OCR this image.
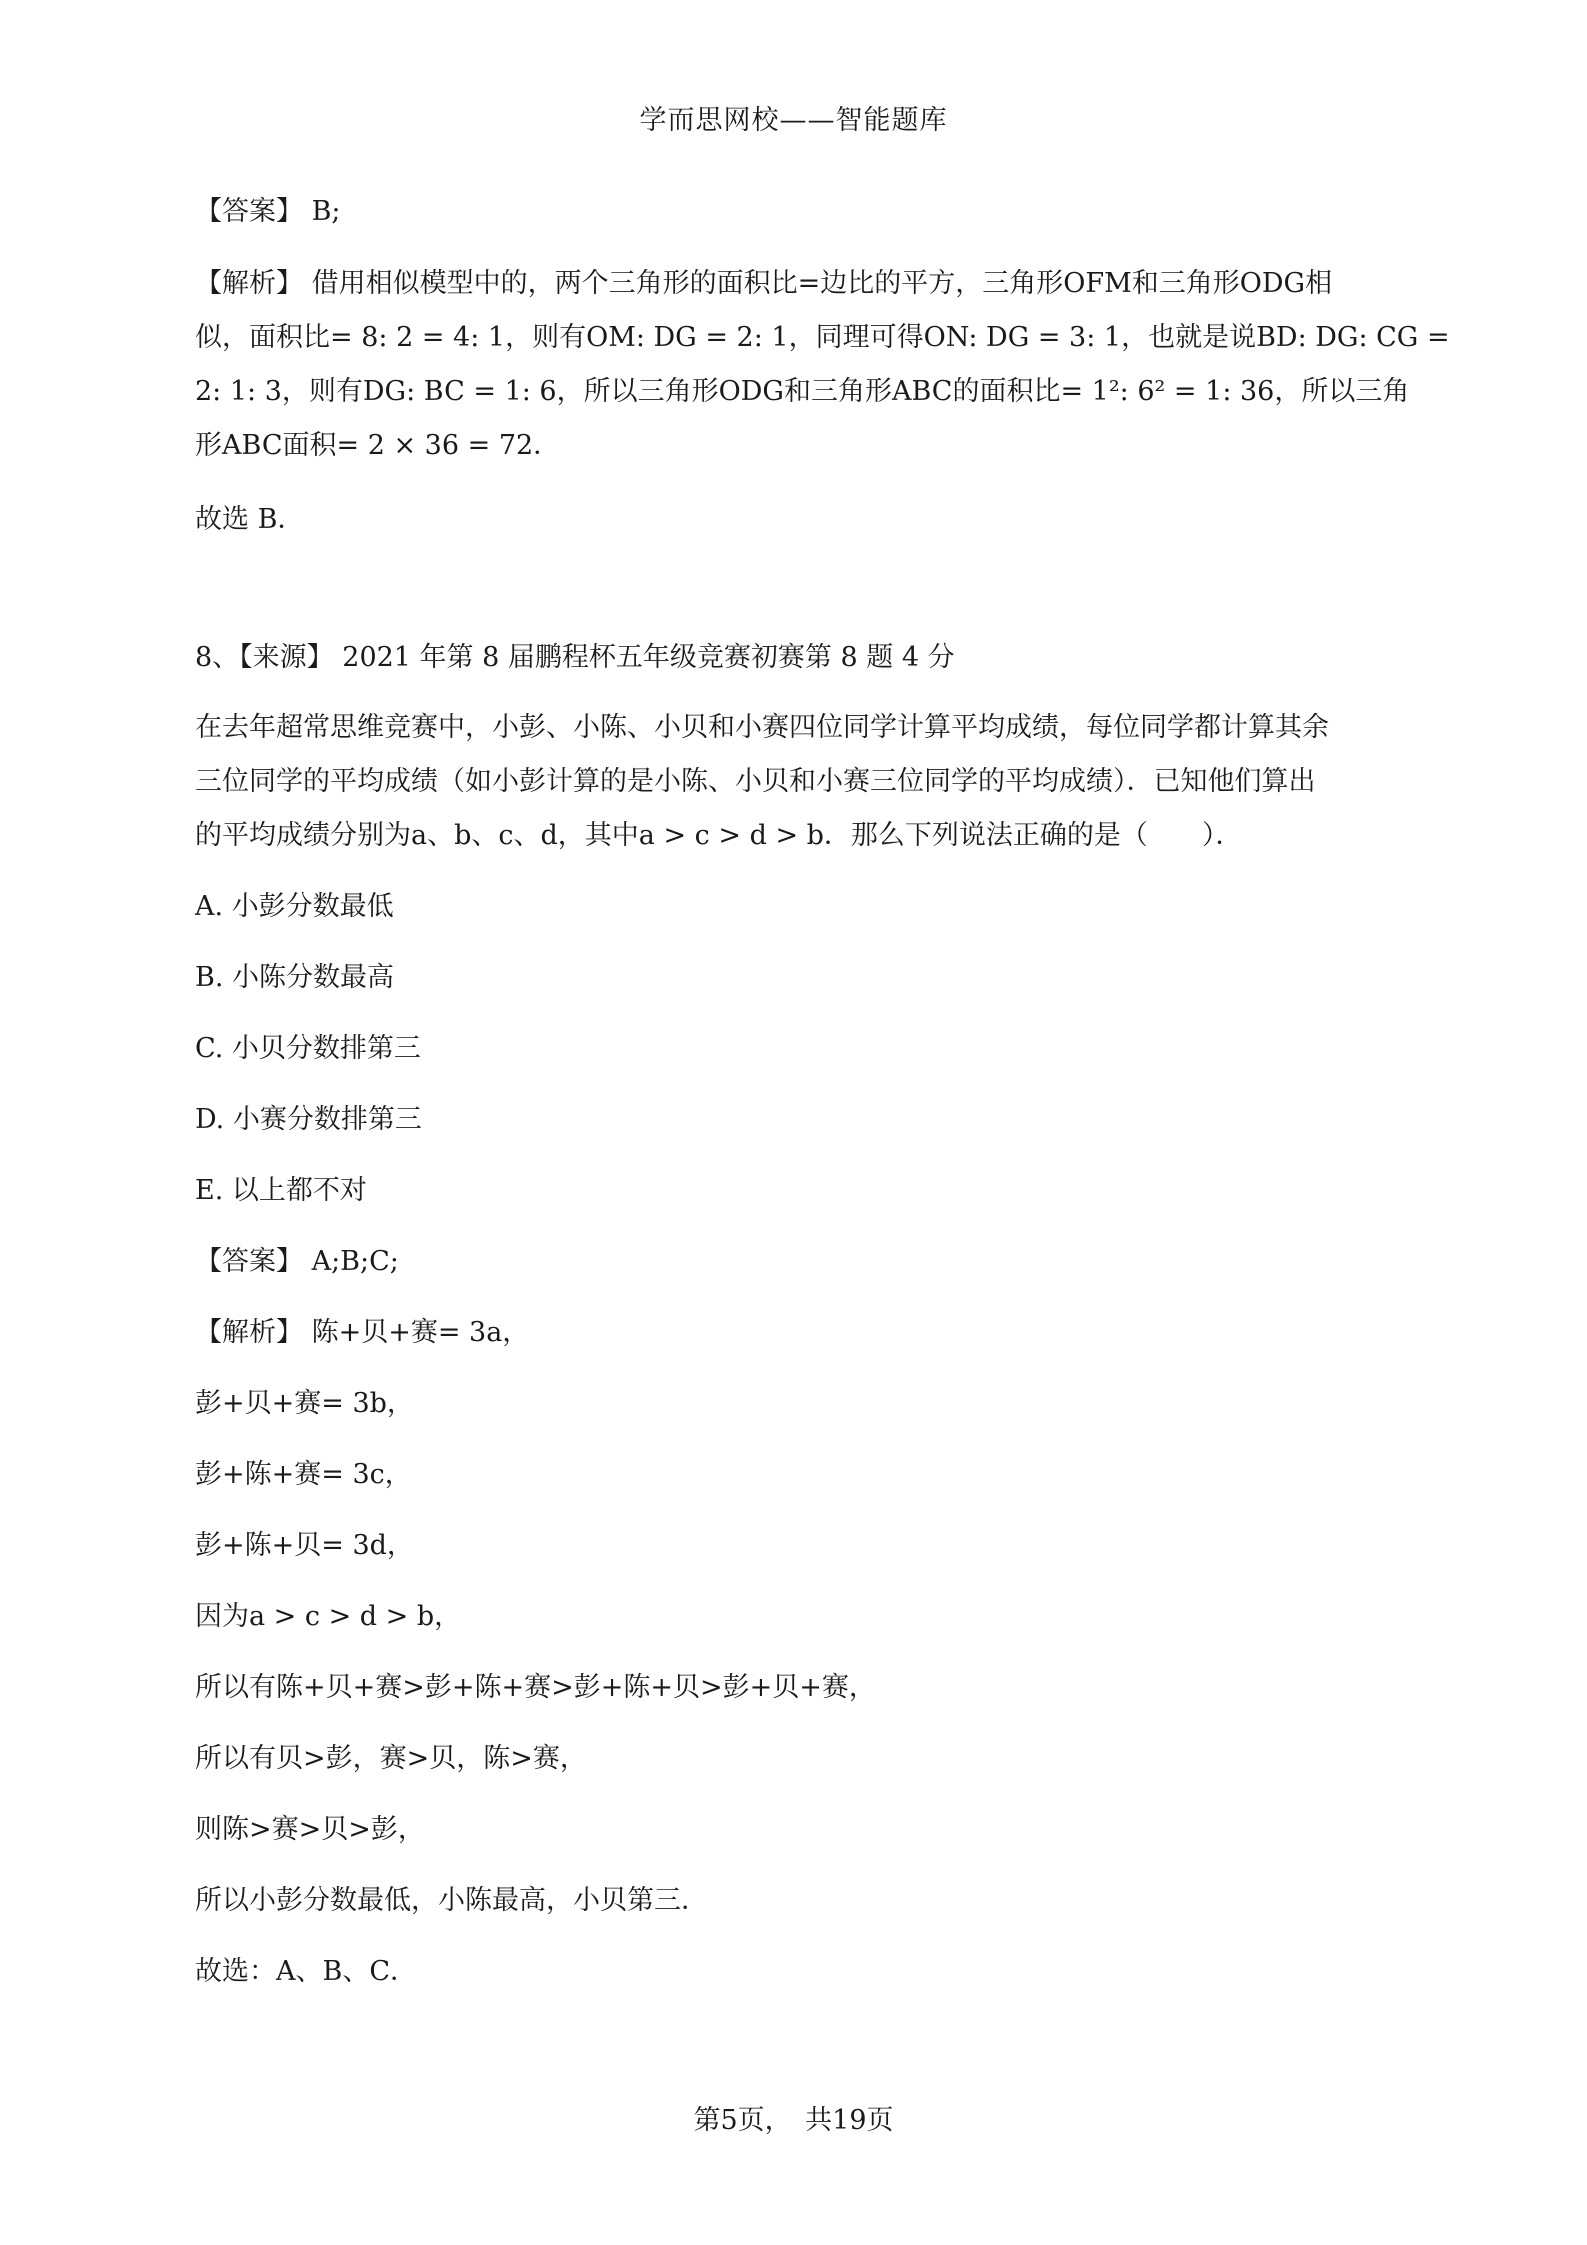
学而思网校——智能题库
【答案】 B;
【解析】 借用相似模型中的，两个三角形的面积比=边比的平方，三角形OFM和三角形ODG相
似，面积比= 8: 2 = 4: 1，则有OM: DG = 2: 1，同理可得ON: DG = 3: 1，也就是说BD: DG: CG =
2: 1: 3，则有DG: BC = 1: 6，所以三角形ODG和三角形ABC的面积比= 1²: 6² = 1: 36，所以三角
形ABC面积= 2 × 36 = 72．
故选 B．
8、【来源】 2021 年第 8 届鹏程杯五年级竞赛初赛第 8 题 4 分
在去年超常思维竞赛中，小彭、小陈、小贝和小赛四位同学计算平均成绩，每位同学都计算其余
三位同学的平均成绩（如小彭计算的是小陈、小贝和小赛三位同学的平均成绩）．已知他们算出
的平均成绩分别为a、b、c、d，其中a > c > d > b．那么下列说法正确的是（　　）．
A. 小彭分数最低
B. 小陈分数最高
C. 小贝分数排第三
D. 小赛分数排第三
E. 以上都不对
【答案】 A;B;C;
【解析】 陈+贝+赛= 3a，
彭+贝+赛= 3b，
彭+陈+赛= 3c，
彭+陈+贝= 3d，
因为a > c > d > b，
所以有陈+贝+赛>彭+陈+赛>彭+陈+贝>彭+贝+赛，
所以有贝>彭，赛>贝，陈>赛，
则陈>赛>贝>彭，
所以小彭分数最低，小陈最高，小贝第三．
故选：A、B、C．
第5页，　共19页
